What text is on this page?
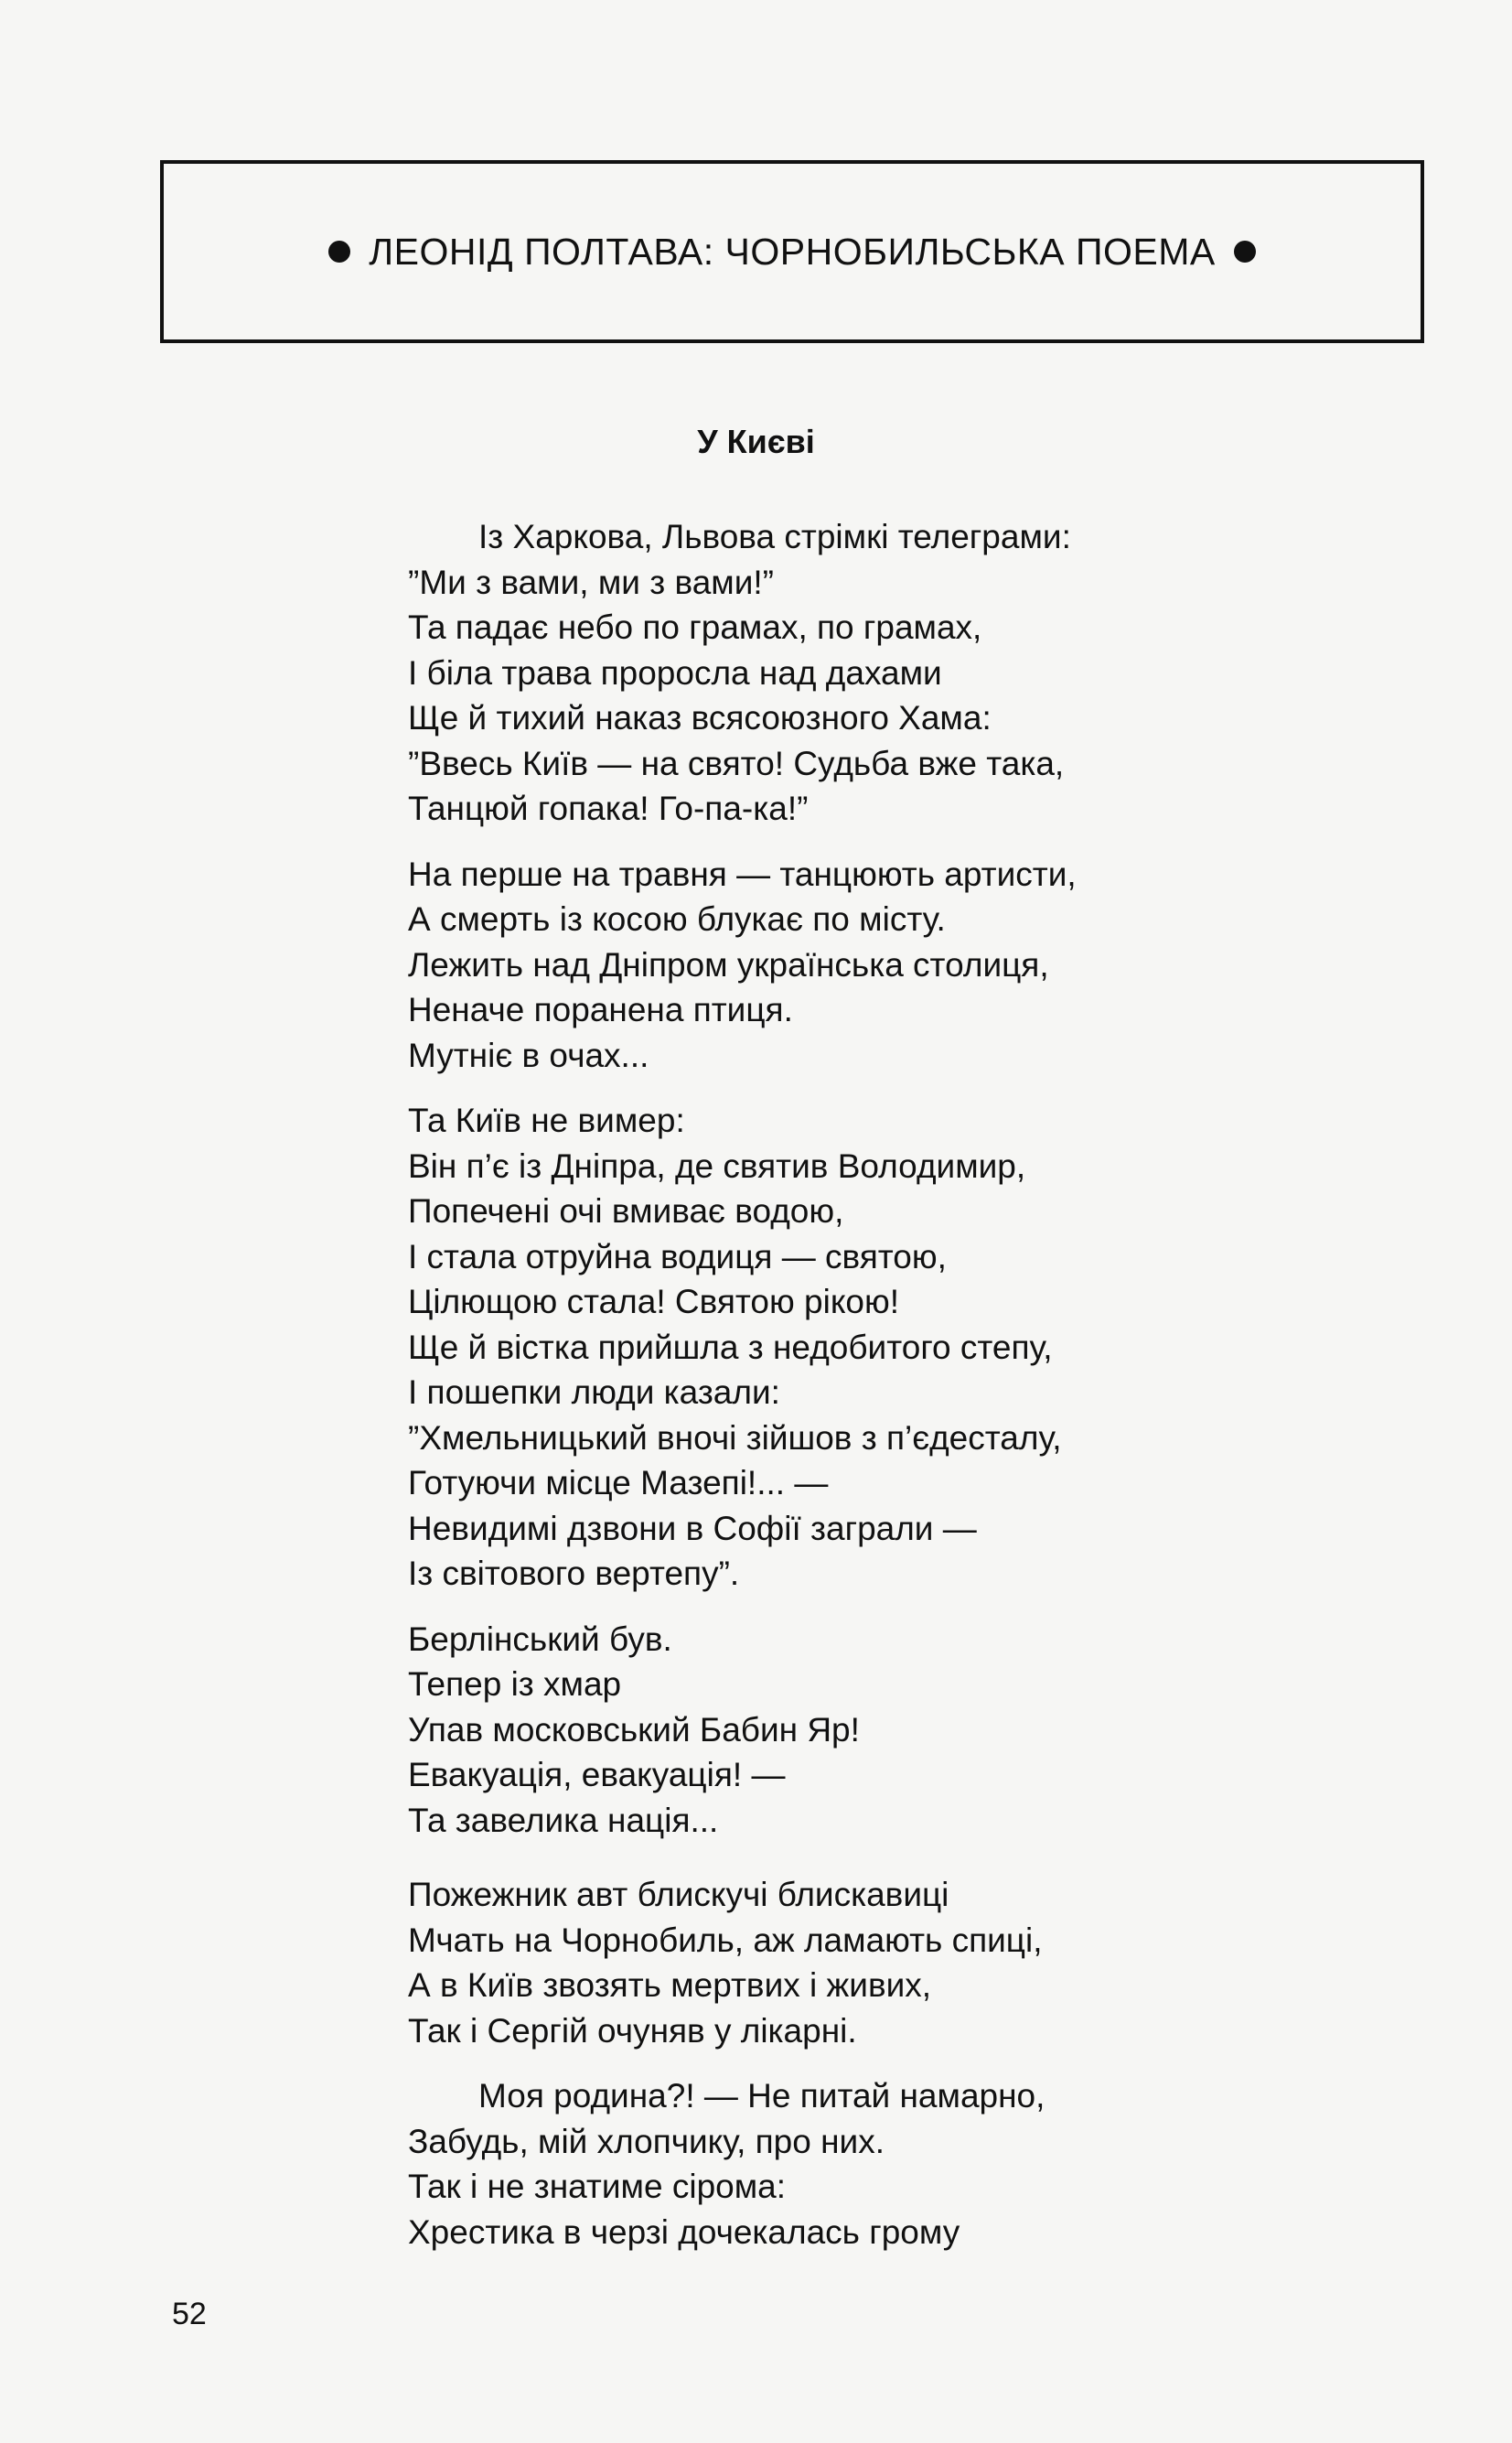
ЛЕОНІД ПОЛТАВА: ЧОРНОБИЛЬСЬКА ПОЕМА
У Києві
Із Харкова, Львова стрімкі телеграми:
”Ми з вами, ми з вами!”
Та падає небо по грамах, по грамах,
І біла трава проросла над дахами
Ще й тихий наказ всясоюзного Хама:
”Ввесь Київ — на свято! Судьба вже така,
Танцюй гопака! Го-па-ка!”
На перше на травня — танцюють артисти,
А смерть із косою блукає по місту.
Лежить над Дніпром українська столиця,
Неначе поранена птиця.
Мутніє в очах...
Та Київ не вимер:
Він п’є із Дніпра, де святив Володимир,
Попечені очі вмиває водою,
І стала отруйна водиця — святою,
Цілющою стала! Святою рікою!
Ще й вістка прийшла з недобитого степу,
І пошепки люди казали:
”Хмельницький вночі зійшов з п’єдесталу,
Готуючи місце Мазепі!... —
Невидимі дзвони в Софії заграли —
Із світового вертепу”.
Берлінський був.
Тепер із хмар
Упав московський Бабин Яр!
Евакуація, евакуація! —
Та завелика нація...
Пожежник авт блискучі блискавиці
Мчать на Чорнобиль, аж ламають спиці,
А в Київ звозять мертвих і живих,
Так і Сергій очуняв у лікарні.
Моя родина?! — Не питай намарно,
Забудь, мій хлопчику, про них.
Так і не знатиме сірома:
Хрестика в черзі дочекалась грому
52
